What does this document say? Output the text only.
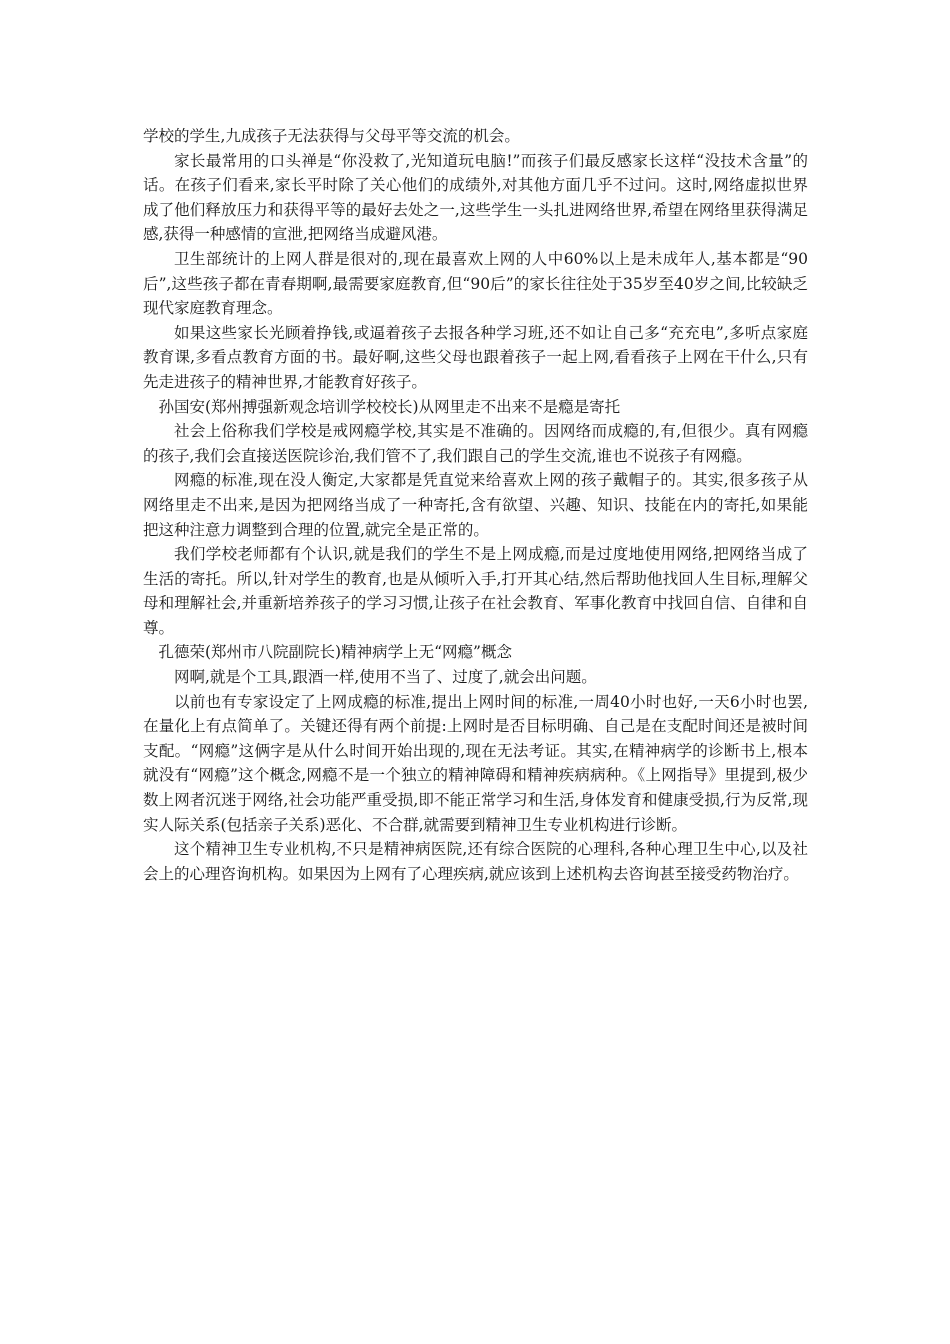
学校的学生,九成孩子无法获得与父母平等交流的机会。

家长最常用的口头禅是“你没救了,光知道玩电脑!”而孩子们最反感家长这样“没技术含量”的话。在孩子们看来,家长平时除了关心他们的成绩外,对其他方面几乎不过问。这时,网络虚拟世界成了他们释放压力和获得平等的最好去处之一,这些学生一头扎进网络世界,希望在网络里获得满足感,获得一种感情的宣泄,把网络当成避风港。

卫生部统计的上网人群是很对的,现在最喜欢上网的人中60%以上是未成年人,基本都是“90后”,这些孩子都在青春期啊,最需要家庭教育,但“90后”的家长往往处于35岁至40岁之间,比较缺乏现代家庭教育理念。

如果这些家长光顾着挣钱,或逼着孩子去报各种学习班,还不如让自己多“充充电”,多听点家庭教育课,多看点教育方面的书。最好啊,这些父母也跟着孩子一起上网,看看孩子上网在干什么,只有先走进孩子的精神世界,才能教育好孩子。

孙国安(郑州搏强新观念培训学校校长)从网里走不出来不是瘾是寄托

社会上俗称我们学校是戒网瘾学校,其实是不准确的。因网络而成瘾的,有,但很少。真有网瘾的孩子,我们会直接送医院诊治,我们管不了,我们跟自己的学生交流,谁也不说孩子有网瘾。

网瘾的标准,现在没人衡定,大家都是凭直觉来给喜欢上网的孩子戴帽子的。其实,很多孩子从网络里走不出来,是因为把网络当成了一种寄托,含有欲望、兴趣、知识、技能在内的寄托,如果能把这种注意力调整到合理的位置,就完全是正常的。

我们学校老师都有个认识,就是我们的学生不是上网成瘾,而是过度地使用网络,把网络当成了生活的寄托。所以,针对学生的教育,也是从倾听入手,打开其心结,然后帮助他找回人生目标,理解父母和理解社会,并重新培养孩子的学习习惯,让孩子在社会教育、军事化教育中找回自信、自律和自尊。

孔德荣(郑州市八院副院长)精神病学上无“网瘾”概念

网啊,就是个工具,跟酒一样,使用不当了、过度了,就会出问题。

以前也有专家设定了上网成瘾的标准,提出上网时间的标准,一周40小时也好,一天6小时也罢,在量化上有点简单了。关键还得有两个前提:上网时是否目标明确、自己是在支配时间还是被时间支配。“网瘾”这俩字是从什么时间开始出现的,现在无法考证。其实,在精神病学的诊断书上,根本就没有“网瘾”这个概念,网瘾不是一个独立的精神障碍和精神疾病病种。《上网指导》里提到,极少数上网者沉迷于网络,社会功能严重受损,即不能正常学习和生活,身体发育和健康受损,行为反常,现实人际关系(包括亲子关系)恶化、不合群,就需要到精神卫生专业机构进行诊断。

这个精神卫生专业机构,不只是精神病医院,还有综合医院的心理科,各种心理卫生中心,以及社会上的心理咨询机构。如果因为上网有了心理疾病,就应该到上述机构去咨询甚至接受药物治疗。
